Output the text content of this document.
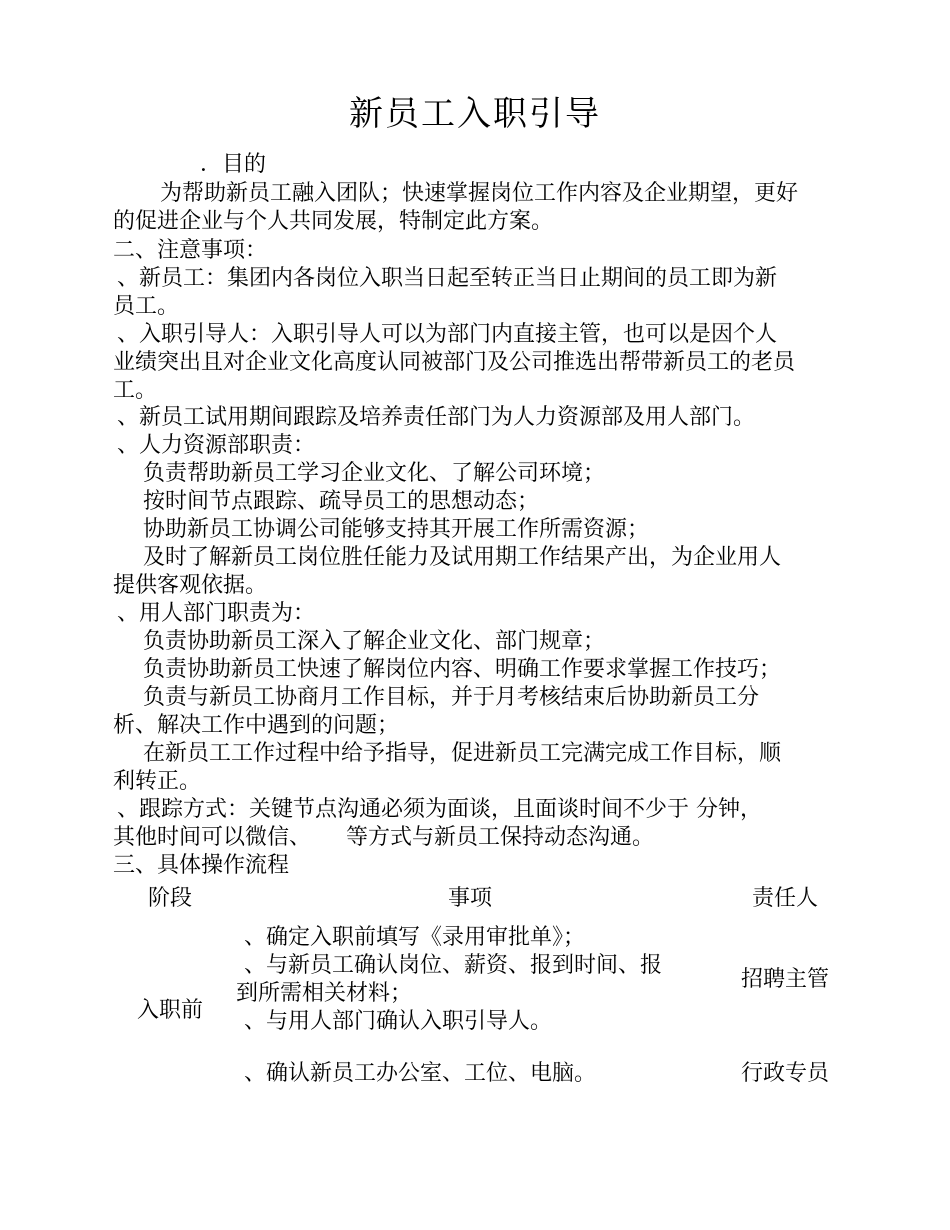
新员工入职引导
．目的
为帮助新员工融入团队；快速掌握岗位工作内容及企业期望，更好
的促进企业与个人共同发展，特制定此方案。
二、注意事项：
、新员工：集团内各岗位入职当日起至转正当日止期间的员工即为新
员工。
、入职引导人：入职引导人可以为部门内直接主管，也可以是因个人
业绩突出且对企业文化高度认同被部门及公司推选出帮带新员工的老员
工。
、新员工试用期间跟踪及培养责任部门为人力资源部及用人部门。
、人力资源部职责：
负责帮助新员工学习企业文化、了解公司环境；
按时间节点跟踪、疏导员工的思想动态；
协助新员工协调公司能够支持其开展工作所需资源；
及时了解新员工岗位胜任能力及试用期工作结果产出，为企业用人
提供客观依据。
、用人部门职责为：
负责协助新员工深入了解企业文化、部门规章；
负责协助新员工快速了解岗位内容、明确工作要求掌握工作技巧；
负责与新员工协商月工作目标，并于月考核结束后协助新员工分
析、解决工作中遇到的问题；
在新员工工作过程中给予指导，促进新员工完满完成工作目标，顺
利转正。
、跟踪方式：关键节点沟通必须为面谈，且面谈时间不少于 分钟，
其他时间可以微信、     等方式与新员工保持动态沟通。
三、具体操作流程
阶段	事项	责任人
入职前
、确定入职前填写《录用审批单》；
、与新员工确认岗位、薪资、报到时间、报
到所需相关材料；
、与用人部门确认入职引导人。
、确认新员工办公室、工位、电脑。
招聘主管
行政专员
